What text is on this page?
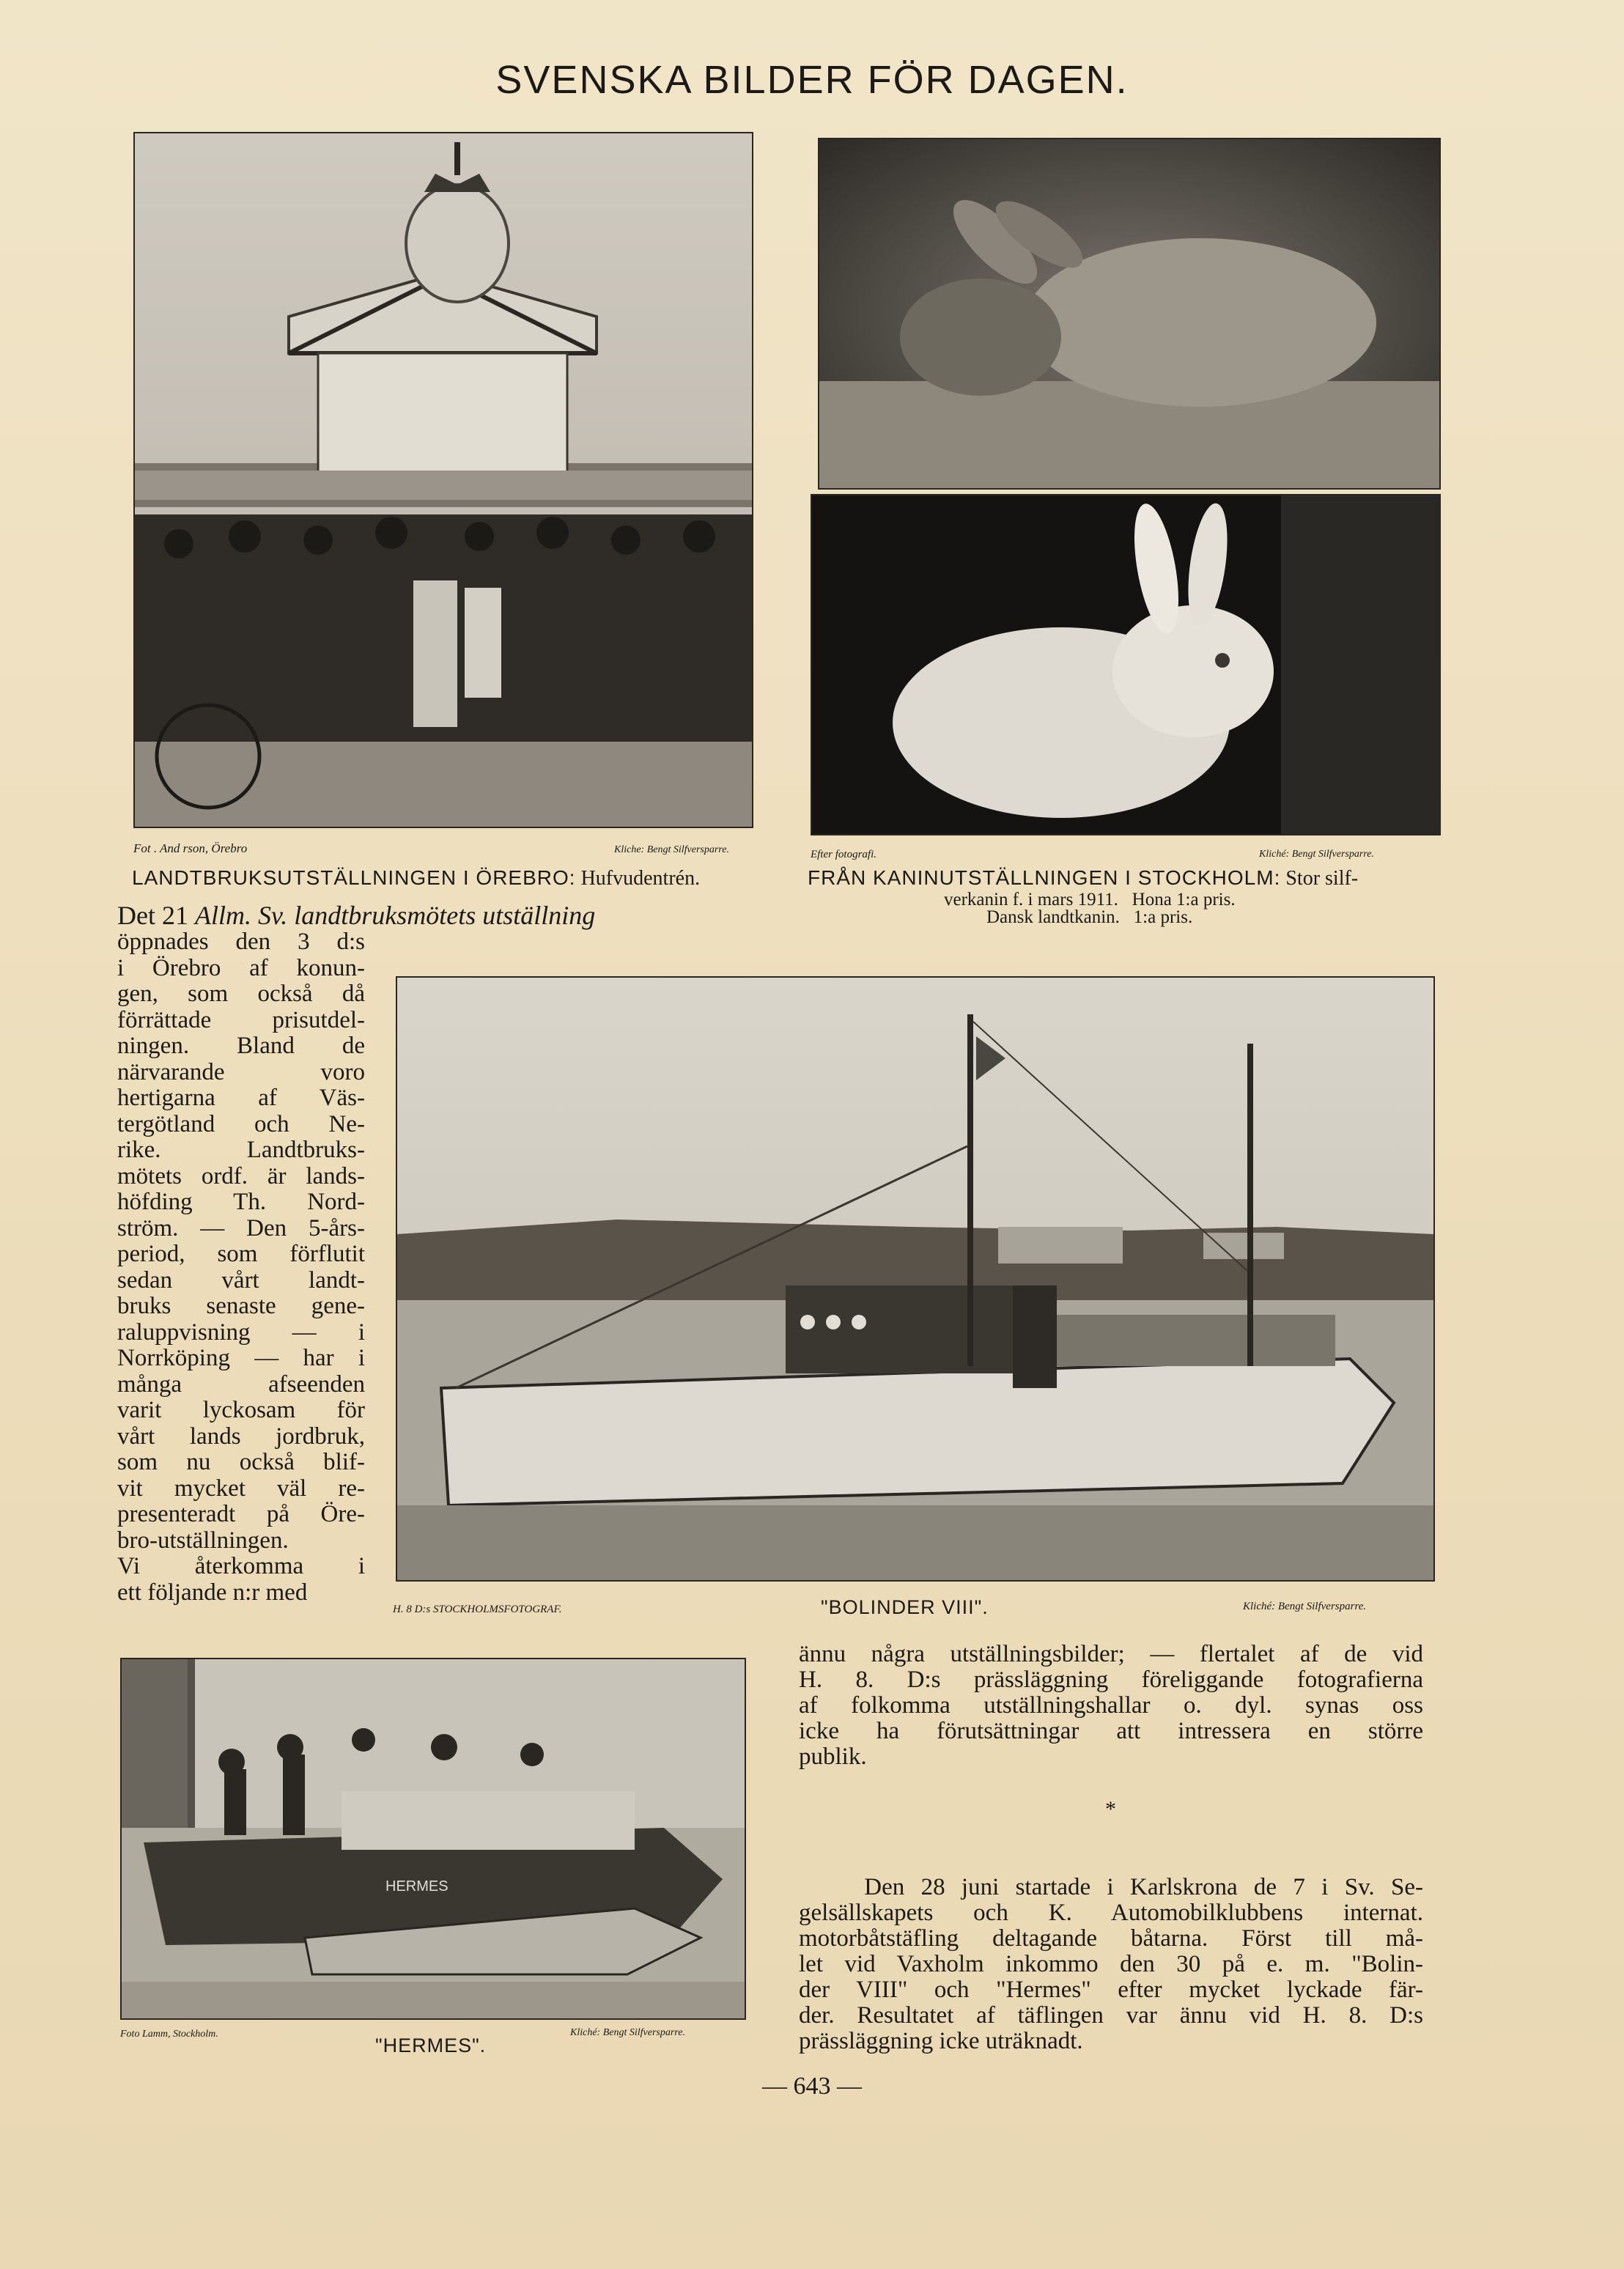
SVENSKA BILDER FÖR DAGEN.
Fot . And rson, Örebro	Kliche: Bengt Silfversparre.
LANDTBRUKSUTSTÄLLNINGEN I ÖREBRO: Hufvudentrén.
Efter fotografi.	Kliché: Bengt Silfversparre.
FRÅN KANINUTSTÄLLNINGEN I STOCKHOLM: Stor silf-
verkanin f. i mars 1911.   Hona 1:a pris.
Dansk landtkanin.   1:a pris.
Det 21 Allm. Sv. landtbruksmötets utställning
öppnades den 3 d:s
i Örebro af konun-
gen, som också då
förrättade prisutdel-
ningen. Bland de
närvarande voro
hertigarna af Väs-
tergötland och Ne-
rike. Landtbruks-
mötets ordf. är lands-
höfding Th. Nord-
ström. — Den 5-års-
period, som förflutit
sedan vårt landt-
bruks senaste gene-
raluppvisning — i
Norrköping — har i
många afseenden
varit lyckosam för
vårt lands jordbruk,
som nu också blif-
vit mycket väl re-
presenteradt på Öre-
bro-utställningen.
Vi återkomma i
ett följande n:r med
H. 8 D:s STOCKHOLMSFOTOGRAF.	"BOLINDER VIII".	Kliché: Bengt Silfversparre.
ännu några utställningsbilder; — flertalet af de vid
H. 8. D:s prässläggning föreliggande fotografierna
af folkomma utställningshallar o. dyl. synas oss
icke ha förutsättningar att intressera en större
publik.
HERMES
Foto Lamm, Stockholm.	Kliché: Bengt Silfversparre.
"HERMES".
*
Den 28 juni startade i Karlskrona de 7 i Sv. Se-
gelsällskapets och K. Automobilklubbens internat.
motorbåtstäfling deltagande båtarna. Först till må-
let vid Vaxholm inkommo den 30 på e. m. "Bolin-
der VIII" och "Hermes" efter mycket lyckade fär-
der. Resultatet af täflingen var ännu vid H. 8. D:s
prässläggning icke uträknadt.
— 643 —
